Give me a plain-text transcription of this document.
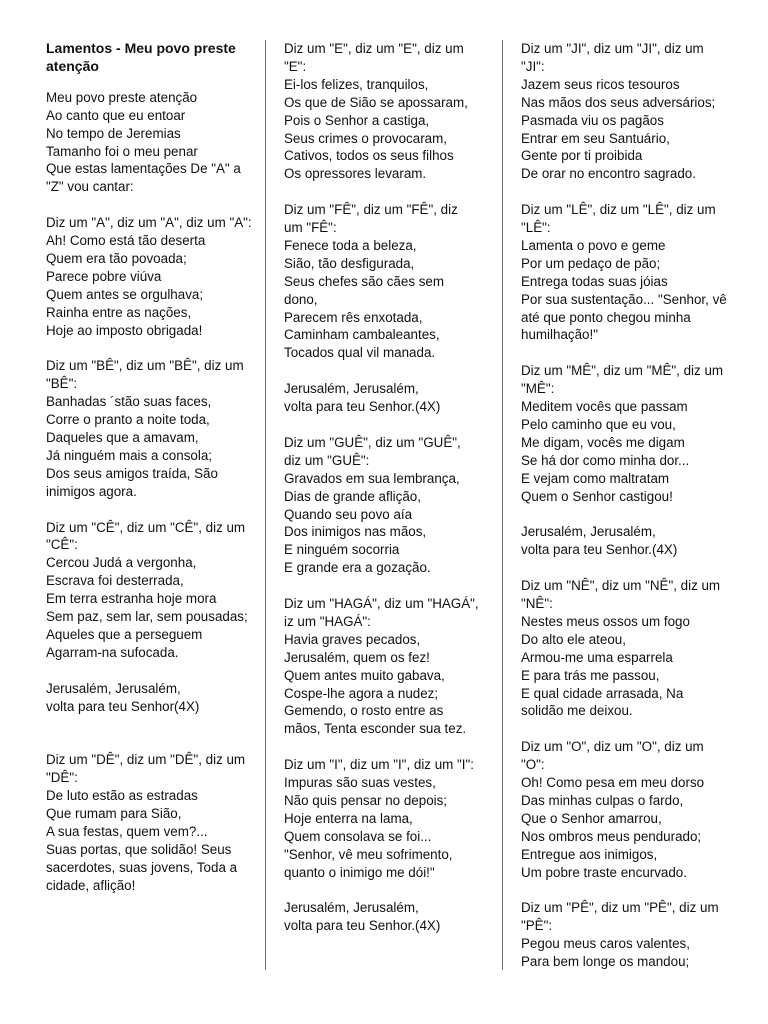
Lamentos - Meu povo preste atenção
Meu povo preste atenção
Ao canto que eu entoar
No tempo de Jeremias
Tamanho foi o meu penar
Que estas lamentações De "A" a "Z" vou cantar:
Diz um "A", diz um "A", diz um "A":
Ah! Como está tão deserta
Quem era tão povoada;
Parece pobre viúva
Quem antes se orgulhava;
Rainha entre as nações,
Hoje ao imposto obrigada!
Diz um "BÊ", diz um "BÊ", diz um "BÊ":
Banhadas ´stão suas faces,
Corre o pranto a noite toda,
Daqueles que a amavam,
Já ninguém mais a consola;
Dos seus amigos traída, São inimigos agora.
Diz um "CÊ", diz um "CÊ", diz um "CÊ":
Cercou Judá a vergonha,
Escrava foi desterrada,
Em terra estranha hoje mora
Sem paz, sem lar, sem pousadas;
Aqueles que a perseguem
Agarram-na sufocada.
Jerusalém, Jerusalém,
volta para teu Senhor(4X)
Diz um "DÊ", diz um "DÊ", diz um "DÊ":
De luto estão as estradas
Que rumam para Sião,
A sua festas, quem vem?...
Suas portas, que solidão! Seus sacerdotes, suas jovens, Toda a cidade, aflição!
Diz um "E", diz um "E", diz um "E":
Ei-los felizes, tranquilos,
Os que de Sião se apossaram,
Pois o Senhor a castiga,
Seus crimes o provocaram,
Cativos, todos os seus filhos
Os opressores levaram.
Diz um "FÊ", diz um "FÊ", diz um "FÊ":
Fenece toda a beleza,
Sião, tão desfigurada,
Seus chefes são cães sem dono,
Parecem rês enxotada,
Caminham cambaleantes,
Tocados qual vil manada.
Jerusalém, Jerusalém,
volta para teu Senhor.(4X)
Diz um "GUÊ", diz um "GUÊ", diz um "GUÊ":
Gravados em sua lembrança,
Dias de grande aflição,
Quando seu povo aía
Dos inimigos nas mãos,
E ninguém socorria
E grande era a gozação.
Diz um "HAGÁ", diz um "HAGÁ", iz um "HAGÁ":
Havia graves pecados,
Jerusalém, quem os fez!
Quem antes muito gabava,
Cospe-lhe agora a nudez;
Gemendo, o rosto entre as mãos, Tenta esconder sua tez.
Diz um "I", diz um "I", diz um "I":
Impuras são suas vestes,
Não quis pensar no depois;
Hoje enterra na lama,
Quem consolava se foi...
"Senhor, vê meu sofrimento, quanto o inimigo me dói!"
Jerusalém, Jerusalém,
volta para teu Senhor.(4X)
Diz um "JI", diz um "JI", diz um "JI":
Jazem seus ricos tesouros
Nas mãos dos seus adversários;
Pasmada viu os pagãos
Entrar em seu Santuário,
Gente por ti proibida
De orar no encontro sagrado.
Diz um "LÊ", diz um "LÊ", diz um "LÊ":
Lamenta o povo e geme
Por um pedaço de pão;
Entrega todas suas jóias
Por sua sustentação... "Senhor, vê até que ponto chegou minha humilhação!"
Diz um "MÊ", diz um "MÊ", diz um "MÊ":
Meditem vocês que passam
Pelo caminho que eu vou,
Me digam, vocês me digam
Se há dor como minha dor...
E vejam como maltratam
Quem o Senhor castigou!
Jerusalém, Jerusalém,
volta para teu Senhor.(4X)
Diz um "NÊ", diz um "NÊ", diz um "NÊ":
Nestes meus ossos um fogo
Do alto ele ateou,
Armou-me uma esparrela
E para trás me passou,
E qual cidade arrasada, Na solidão me deixou.
Diz um "O", diz um "O", diz um "O":
Oh! Como pesa em meu dorso
Das minhas culpas o fardo,
Que o Senhor amarrou,
Nos ombros meus pendurado;
Entregue aos inimigos,
Um pobre traste encurvado.
Diz um "PÊ", diz um "PÊ", diz um "PÊ":
Pegou meus caros valentes,
Para bem longe os mandou;
